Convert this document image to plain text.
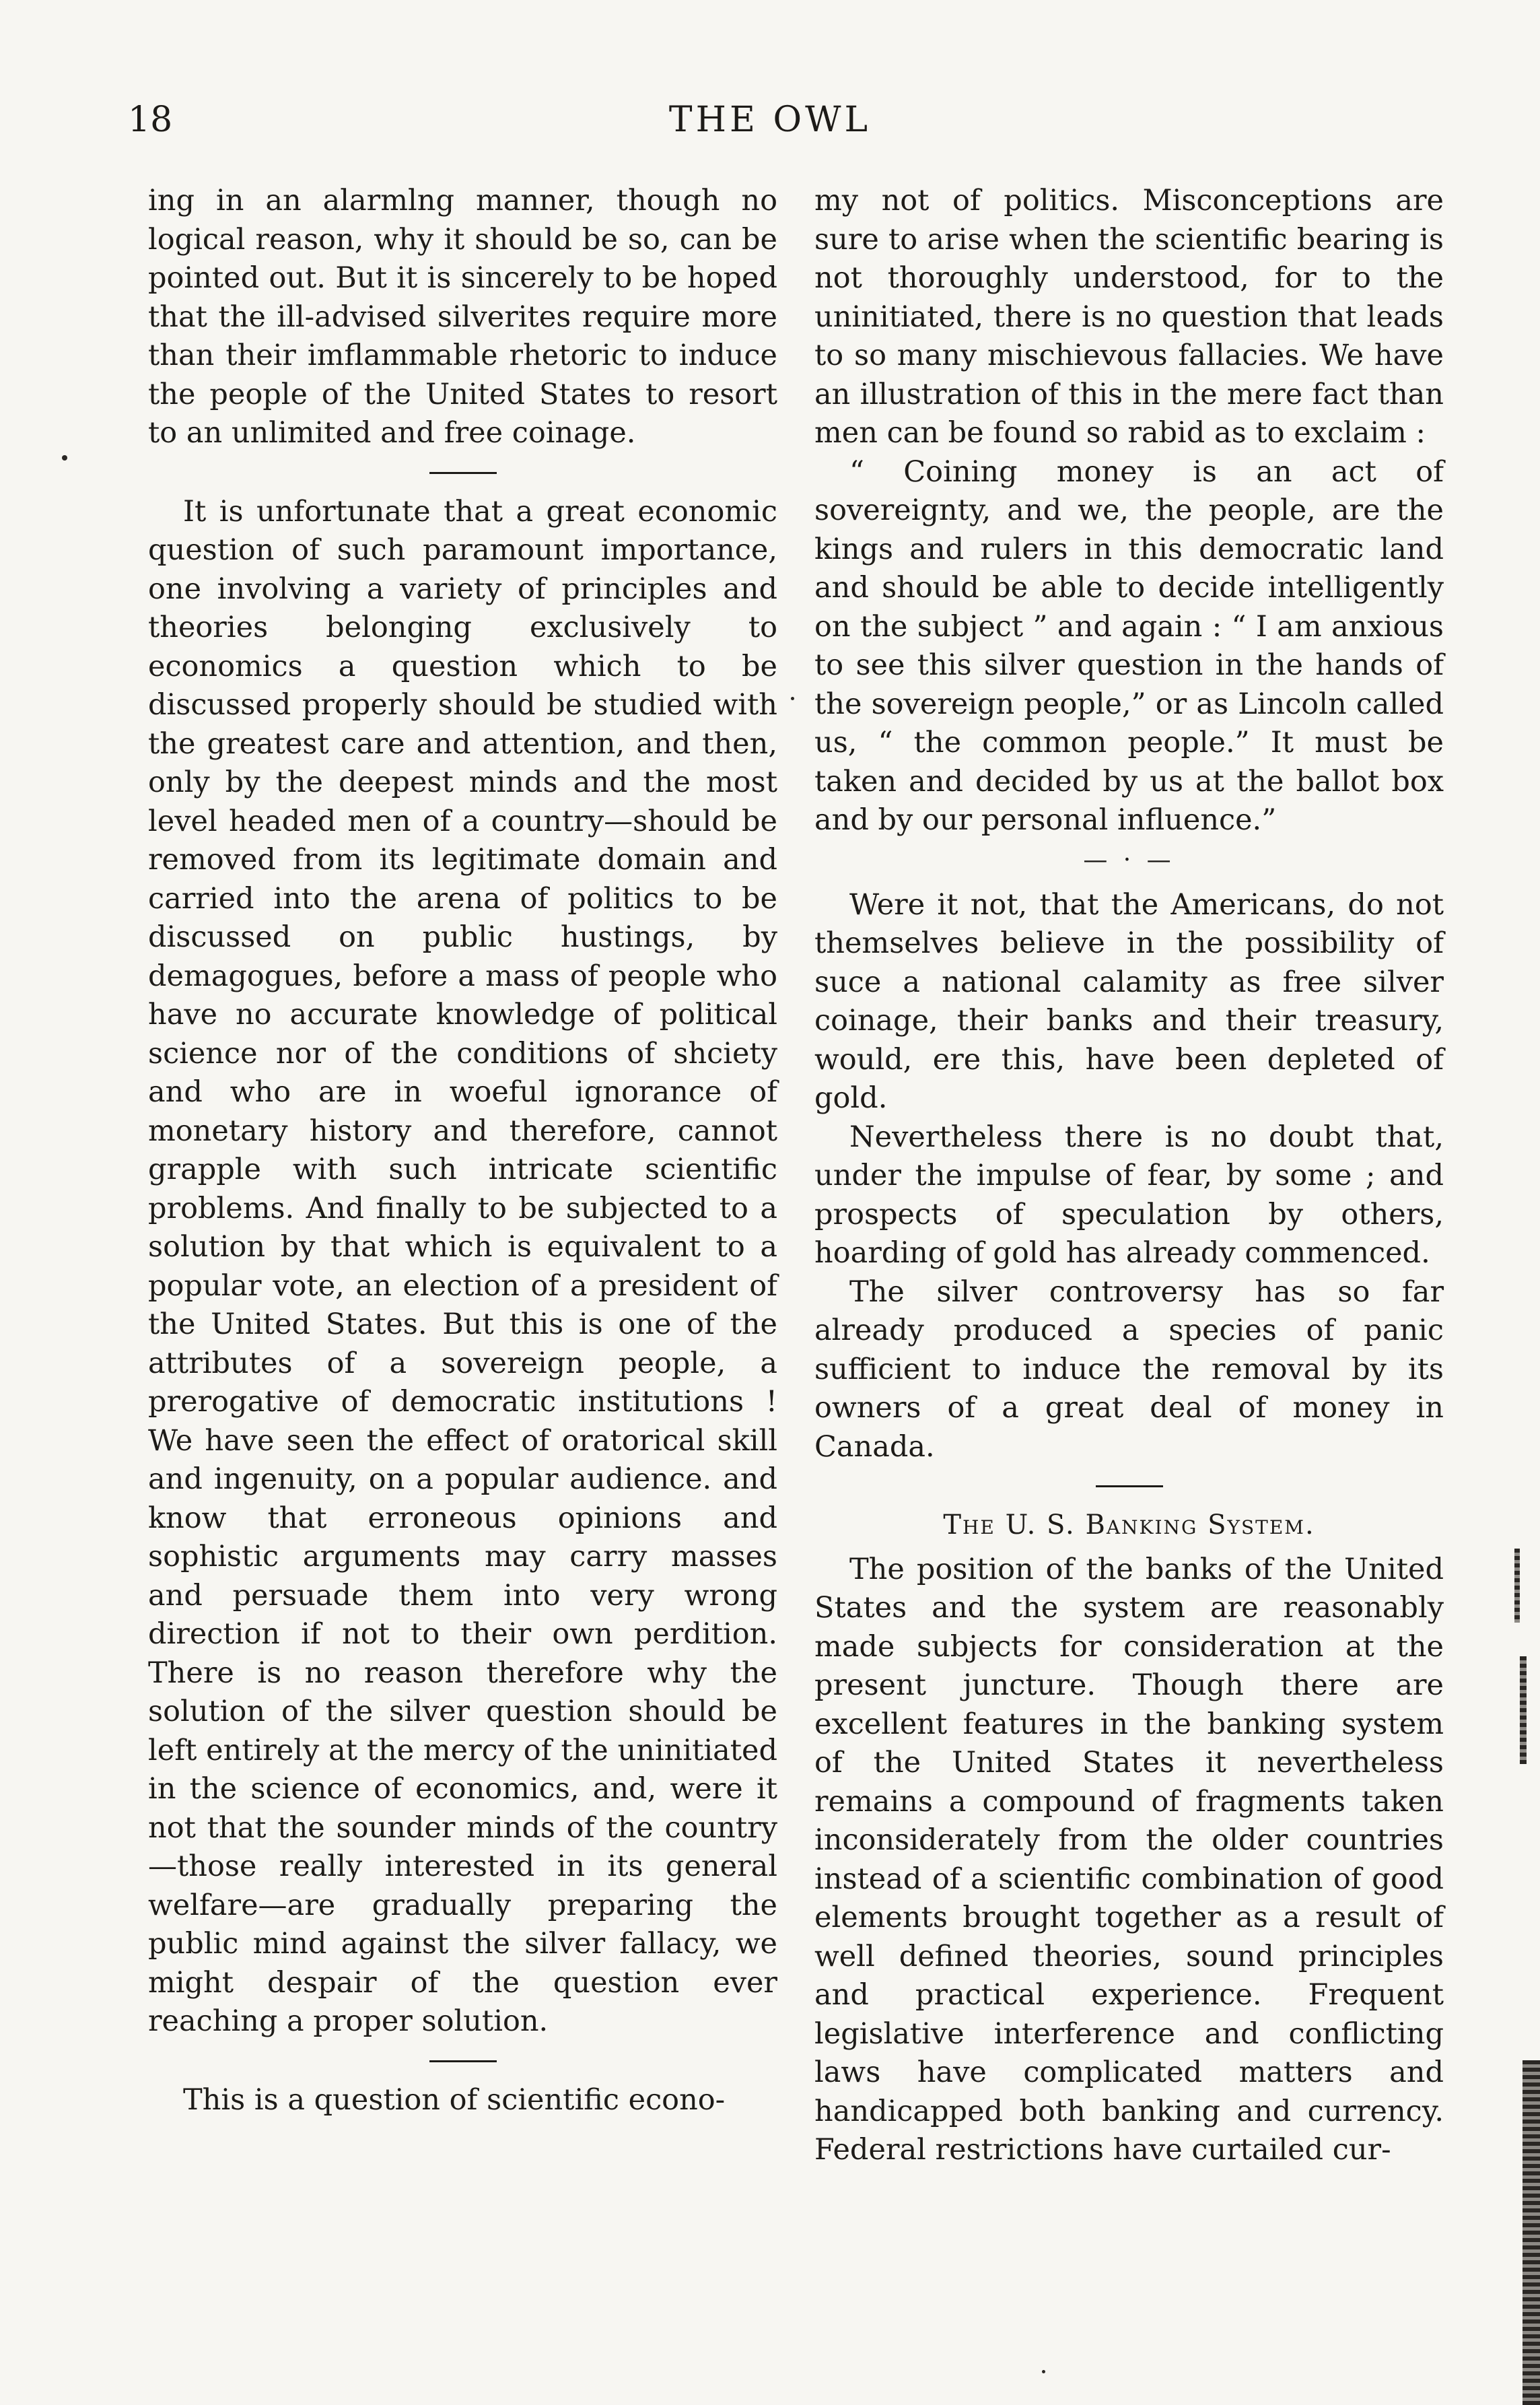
18	THE OWL

ing in an alarmlng manner, though no logical reason, why it should be so, can be pointed out. But it is sincerely to be hoped that the ill-advised silverites require more than their imflammable rhetoric to induce the people of the United States to resort to an unlimited and free coinage.

It is unfortunate that a great economic question of such paramount importance, one involving a variety of principles and theories belonging exclusively to economics a question which to be discussed properly should be studied with the greatest care and attention, and then, only by the deepest minds and the most level headed men of a country—should be removed from its legitimate domain and carried into the arena of politics to be discussed on public hustings, by demagogues, before a mass of people who have no accurate knowledge of political science nor of the conditions of shciety and who are in woeful ignorance of monetary history and therefore, cannot grapple with such intricate scientific problems. And finally to be subjected to a solution by that which is equivalent to a popular vote, an election of a president of the United States. But this is one of the attributes of a sovereign people, a prerogative of democratic institutions ! We have seen the effect of oratorical skill and ingenuity, on a popular audience. and know that erroneous opinions and sophistic arguments may carry masses and persuade them into very wrong direction if not to their own perdition. There is no reason therefore why the solution of the silver question should be left entirely at the mercy of the uninitiated in the science of economics, and, were it not that the sounder minds of the country—those really interested in its general welfare—are gradually preparing the public mind against the silver fallacy, we might despair of the question ever reaching a proper solution.

This is a question of scientific econo-

my not of politics. Misconceptions are sure to arise when the scientific bearing is not thoroughly understood, for to the uninitiated, there is no question that leads to so many mischievous fallacies. We have an illustration of this in the mere fact than men can be found so rabid as to exclaim :

“ Coining money is an act of sovereignty, and we, the people, are the kings and rulers in this democratic land and should be able to decide intelligently on the subject ” and again : “ I am anxious to see this silver question in the hands of the sovereign people,” or as Lincoln called us, “ the common people.” It must be taken and decided by us at the ballot box and by our personal influence.”

— · —

Were it not, that the Americans, do not themselves believe in the possibility of suce a national calamity as free silver coinage, their banks and their treasury, would, ere this, have been depleted of gold.

Nevertheless there is no doubt that, under the impulse of fear, by some ; and prospects of speculation by others, hoarding of gold has already commenced.

The silver controversy has so far already produced a species of panic sufficient to induce the removal by its owners of a great deal of money in Canada.

The U. S. Banking System.

The position of the banks of the United States and the system are reasonably made subjects for consideration at the present juncture. Though there are excellent features in the banking system of the United States it nevertheless remains a compound of fragments taken inconsiderately from the older countries instead of a scientific combination of good elements brought together as a result of well defined theories, sound principles and practical experience. Frequent legislative interference and conflicting laws have complicated matters and handicapped both banking and currency. Federal restrictions have curtailed cur-
